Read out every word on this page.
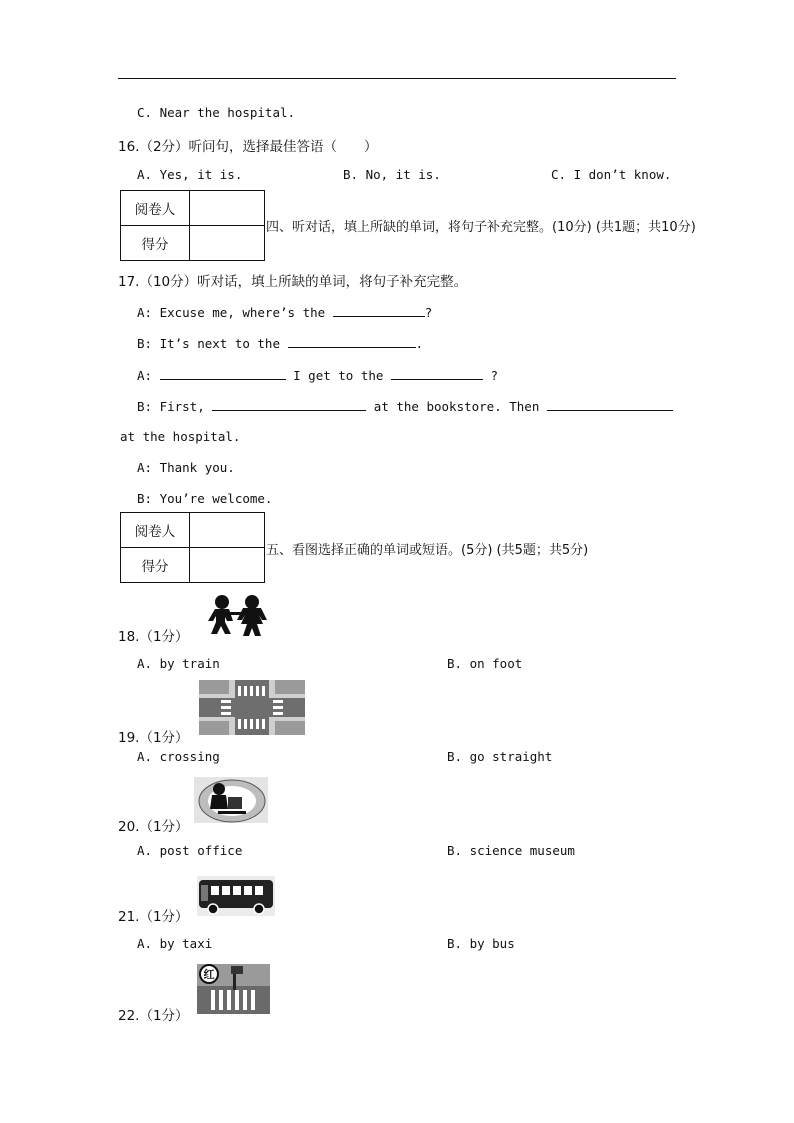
C. Near the hospital.
16.（2分）听问句，选择最佳答语（　　）
A. Yes, it is.	B. No, it is.	C. I don’t know.
阅卷人	
得分	
四、听对话，填上所缺的单词，将句子补充完整。(10分) (共1题；共10分)
17.（10分）听对话，填上所缺的单词，将句子补充完整。
A: Excuse me, where’s the	?
B: It’s next to the	.
A:	I get to the	?
B: First,	at the bookstore. Then
at the hospital.
A: Thank you.
B: You’re welcome.
阅卷人	
得分	
五、看图选择正确的单词或短语。(5分) (共5题；共5分)
18.（1分）
A. by train	B. on foot
19.（1分）
A. crossing	B. go straight
20.（1分）
A. post office	B. science museum
21.（1分）
A. by taxi	B. by bus
红
22.（1分）
